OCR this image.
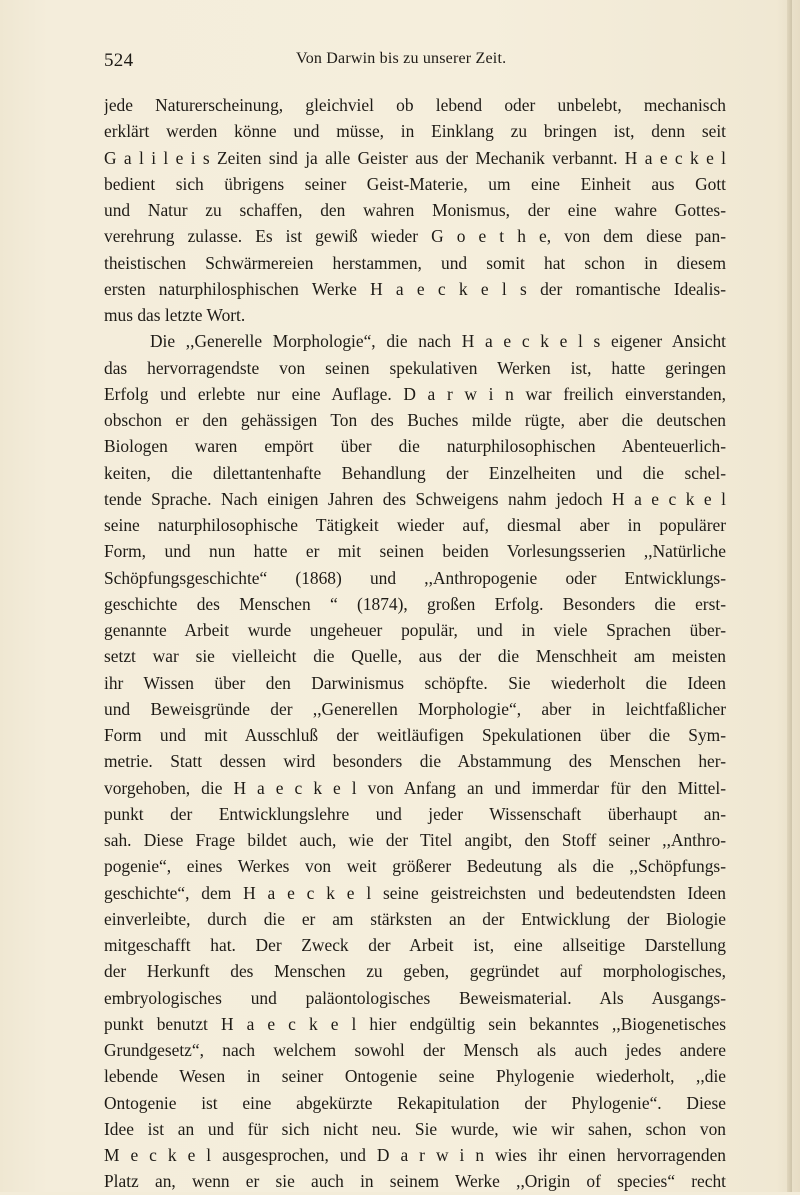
524	Von Darwin bis zu unserer Zeit.
jede Naturerscheinung, gleichviel ob lebend oder unbelebt, mechanisch
erklärt werden könne und müsse, in Einklang zu bringen ist, denn seit
G a l i l e i s Zeiten sind ja alle Geister aus der Mechanik verbannt. H a e c k e l
bedient sich übrigens seiner Geist-Materie, um eine Einheit aus Gott
und Natur zu schaffen, den wahren Monismus, der eine wahre Gottes-
verehrung zulasse. Es ist gewiß wieder G o e t h e, von dem diese pan-
theistischen Schwärmereien herstammen, und somit hat schon in diesem
ersten naturphilosphischen Werke H a e c k e l s der romantische Idealis-
mus das letzte Wort.
Die ,,Generelle Morphologie“, die nach H a e c k e l s eigener Ansicht
das hervorragendste von seinen spekulativen Werken ist, hatte geringen
Erfolg und erlebte nur eine Auflage. D a r w i n war freilich einverstanden,
obschon er den gehässigen Ton des Buches milde rügte, aber die deutschen
Biologen waren empört über die naturphilosophischen Abenteuerlich-
keiten, die dilettantenhafte Behandlung der Einzelheiten und die schel-
tende Sprache. Nach einigen Jahren des Schweigens nahm jedoch H a e c k e l
seine naturphilosophische Tätigkeit wieder auf, diesmal aber in populärer
Form, und nun hatte er mit seinen beiden Vorlesungsserien ,,Natürliche
Schöpfungsgeschichte“ (1868) und ,,Anthropogenie oder Entwicklungs-
geschichte des Menschen “ (1874), großen Erfolg. Besonders die erst-
genannte Arbeit wurde ungeheuer populär, und in viele Sprachen über-
setzt war sie vielleicht die Quelle, aus der die Menschheit am meisten
ihr Wissen über den Darwinismus schöpfte. Sie wiederholt die Ideen
und Beweisgründe der ,,Generellen Morphologie“, aber in leichtfaßlicher
Form und mit Ausschluß der weitläufigen Spekulationen über die Sym-
metrie. Statt dessen wird besonders die Abstammung des Menschen her-
vorgehoben, die H a e c k e l von Anfang an und immerdar für den Mittel-
punkt der Entwicklungslehre und jeder Wissenschaft überhaupt an-
sah. Diese Frage bildet auch, wie der Titel angibt, den Stoff seiner ,,Anthro-
pogenie“, eines Werkes von weit größerer Bedeutung als die ,,Schöpfungs-
geschichte“, dem H a e c k e l seine geistreichsten und bedeutendsten Ideen
einverleibte, durch die er am stärksten an der Entwicklung der Biologie
mitgeschafft hat. Der Zweck der Arbeit ist, eine allseitige Darstellung
der Herkunft des Menschen zu geben, gegründet auf morphologisches,
embryologisches und paläontologisches Beweismaterial. Als Ausgangs-
punkt benutzt H a e c k e l hier endgültig sein bekanntes ,,Biogenetisches
Grundgesetz“, nach welchem sowohl der Mensch als auch jedes andere
lebende Wesen in seiner Ontogenie seine Phylogenie wiederholt, ,,die
Ontogenie ist eine abgekürzte Rekapitulation der Phylogenie“. Diese
Idee ist an und für sich nicht neu. Sie wurde, wie wir sahen, schon von
M e c k e l ausgesprochen, und D a r w i n wies ihr einen hervorragenden
Platz an, wenn er sie auch in seinem Werke ,,Origin of species“ recht
